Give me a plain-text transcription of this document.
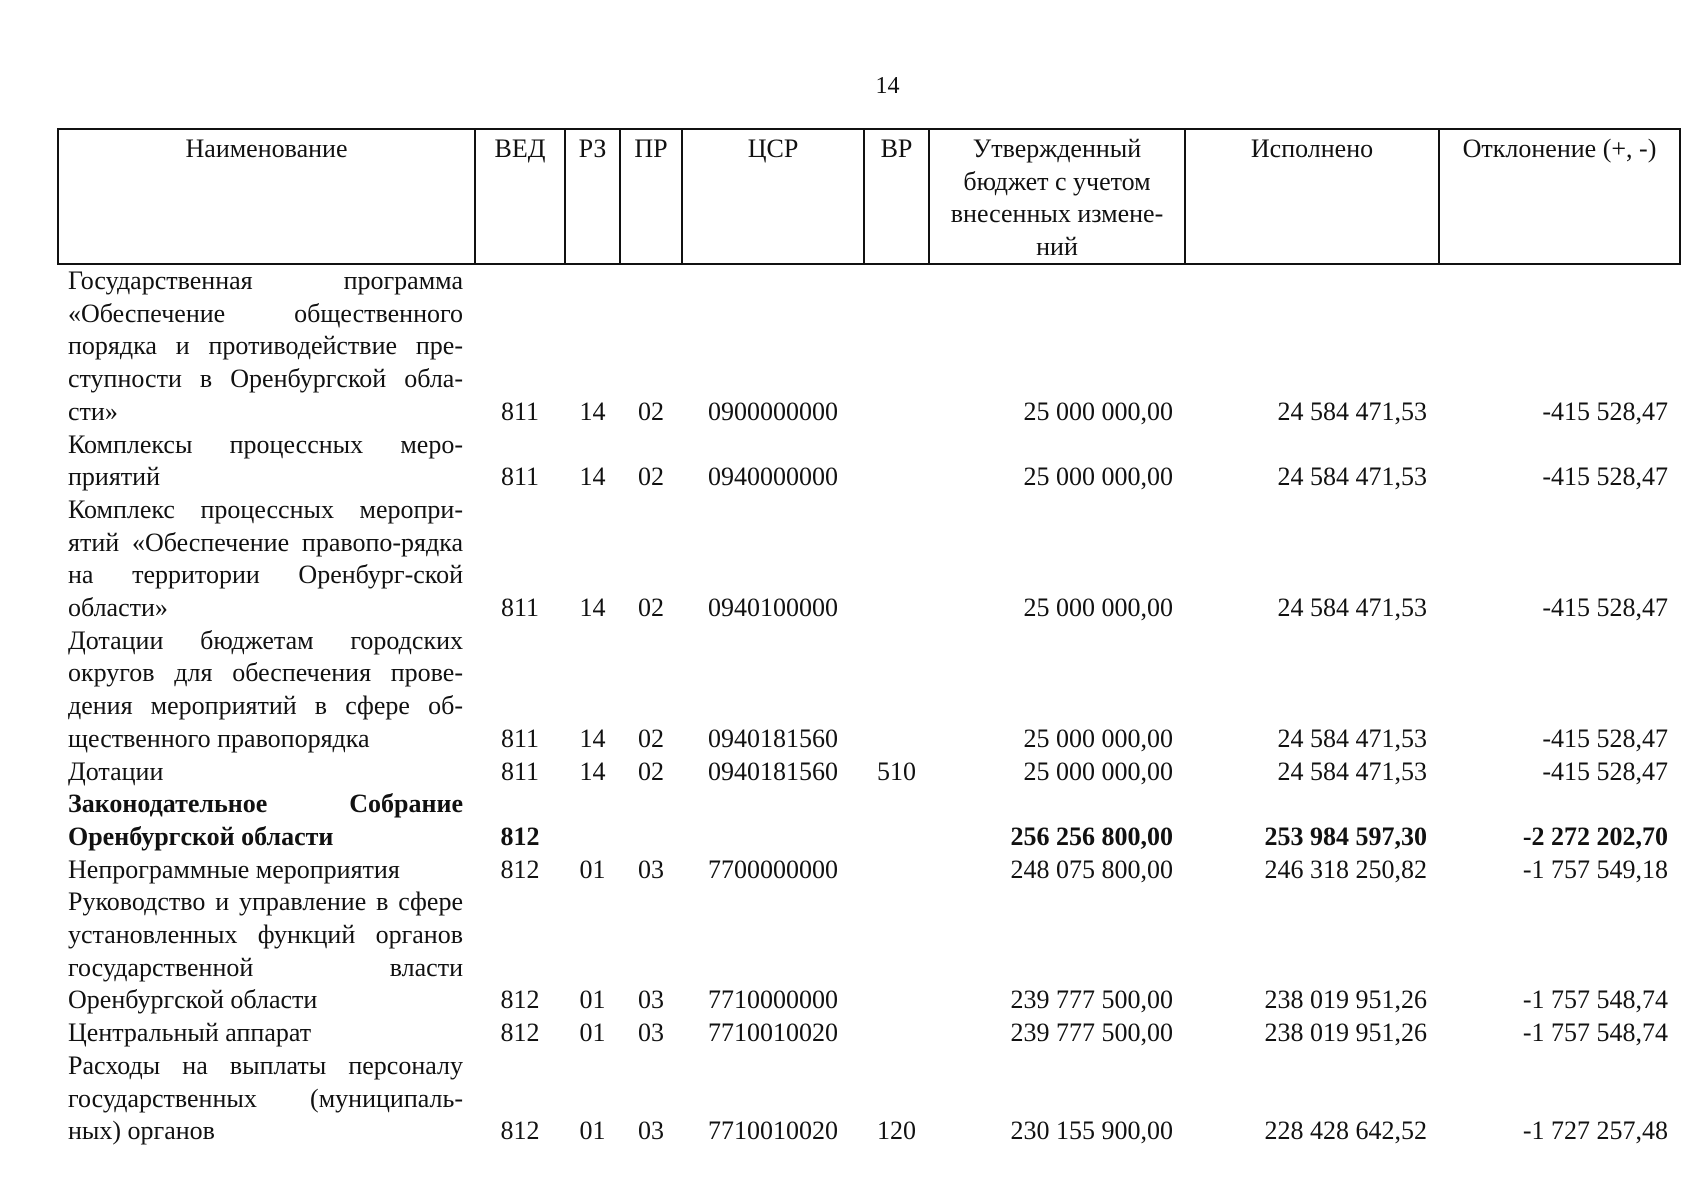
14
Наименование	ВЕД	РЗ	ПР	ЦСР	ВР	Утвержденный бюджет с учетом внесенных измене-ний	Исполнено	Отклонение (+, -)
Государственная программа «Обеспечение общественного порядка и противодействие пре-ступности в Оренбургской обла-сти»	811	14	02	0900000000		25 000 000,00	24 584 471,53	-415 528,47
Комплексы процессных меро-приятий	811	14	02	0940000000		25 000 000,00	24 584 471,53	-415 528,47
Комплекс процессных меропри-ятий «Обеспечение правопо-рядка на территории Оренбург-ской области»	811	14	02	0940100000		25 000 000,00	24 584 471,53	-415 528,47
Дотации бюджетам городских округов для обеспечения прове-дения мероприятий в сфере об-щественного правопорядка	811	14	02	0940181560		25 000 000,00	24 584 471,53	-415 528,47
Дотации	811	14	02	0940181560	510	25 000 000,00	24 584 471,53	-415 528,47
Законодательное Собрание Оренбургской области	812					256 256 800,00	253 984 597,30	-2 272 202,70
Непрограммные мероприятия	812	01	03	7700000000		248 075 800,00	246 318 250,82	-1 757 549,18
Руководство и управление в сфере установленных функций органов государственной власти Оренбургской области	812	01	03	7710000000		239 777 500,00	238 019 951,26	-1 757 548,74
Центральный аппарат	812	01	03	7710010020		239 777 500,00	238 019 951,26	-1 757 548,74
Расходы на выплаты персоналу государственных (муниципаль-ных) органов	812	01	03	7710010020	120	230 155 900,00	228 428 642,52	-1 727 257,48
